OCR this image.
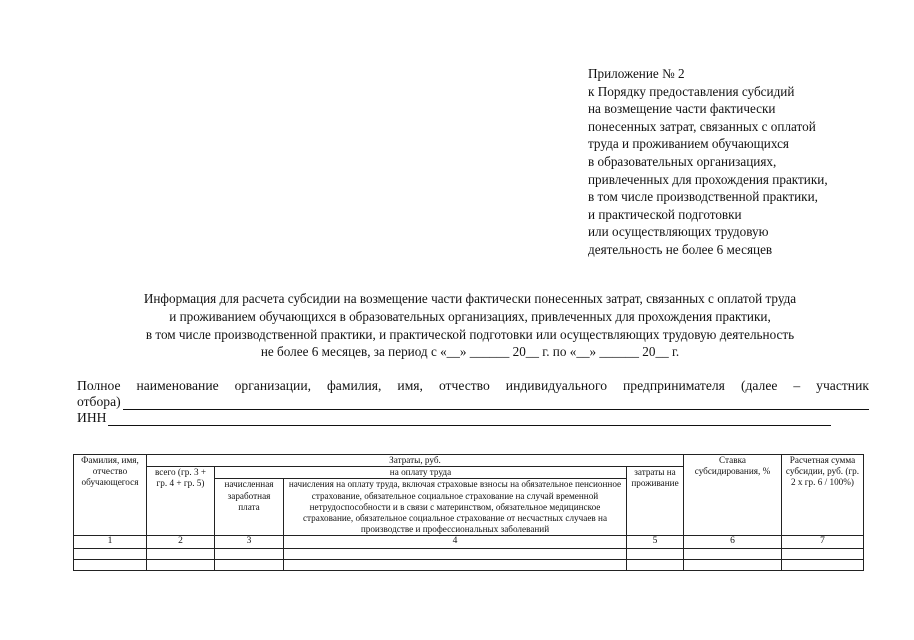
Приложение № 2
к Порядку предоставления субсидий
на возмещение части фактически
понесенных затрат, связанных с оплатой
труда и проживанием обучающихся
в образовательных организациях,
привлеченных для прохождения практики,
в том числе производственной практики,
и практической подготовки
или осуществляющих трудовую
деятельность не более 6 месяцев
Информация для расчета субсидии на возмещение части фактически понесенных затрат, связанных с оплатой труда
и проживанием обучающихся в образовательных организациях, привлеченных для прохождения практики,
в том числе производственной практики, и практической подготовки или осуществляющих трудовую деятельность
не более 6 месяцев, за период с «__» ______ 20__ г. по «__» ______ 20__ г.
Полное наименование организации, фамилия, имя, отчество индивидуального предпринимателя (далее – участник
отбора)
ИНН
Фамилия, имя, отчество обучающегося	Затраты, руб.				Ставка субсидирования, %	Расчетная сумма субсидии, руб. (гр. 2 х гр. 6 / 100%)
	всего (гр. 3 + гр. 4 + гр. 5)	на оплату труда		затраты на проживание		
		начисленная заработная плата	начисления на оплату труда, включая страховые взносы на обязательное пенсионное страхование, обязательное социальное страхование на случай временной нетрудоспособности и в связи с материнством, обязательное медицинское страхование, обязательное социальное страхование от несчастных случаев на производстве и профессиональных заболеваний			
1	2	3	4	5	6	7
